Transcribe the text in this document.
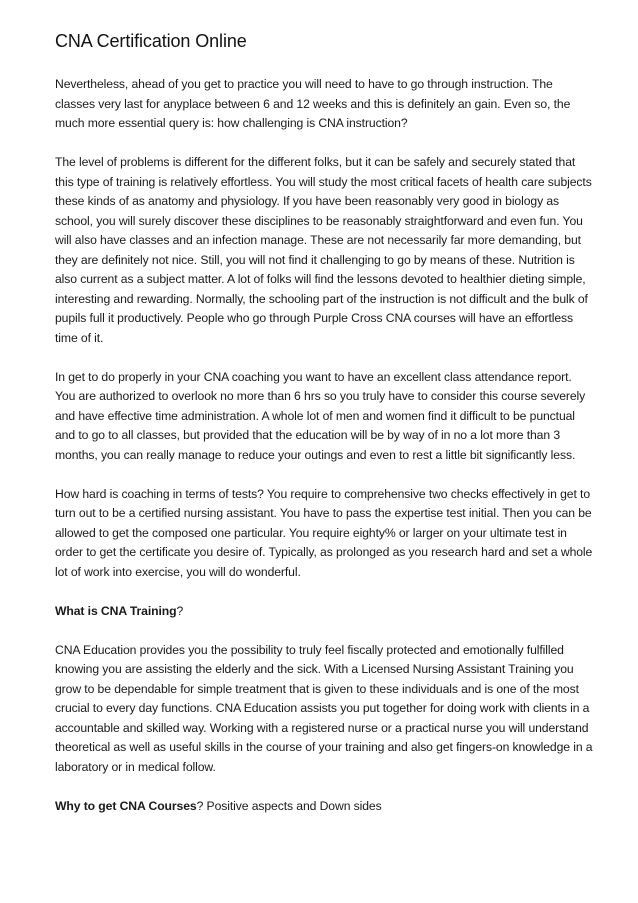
CNA Certification Online

Nevertheless, ahead of you get to practice you will need to have to go through instruction. The classes very last for anyplace between 6 and 12 weeks and this is definitely an gain. Even so, the much more essential query is: how challenging is CNA instruction?

The level of problems is different for the different folks, but it can be safely and securely stated that this type of training is relatively effortless. You will study the most critical facets of health care subjects these kinds of as anatomy and physiology. If you have been reasonably very good in biology as school, you will surely discover these disciplines to be reasonably straightforward and even fun. You will also have classes and an infection manage. These are not necessarily far more demanding, but they are definitely not nice. Still, you will not find it challenging to go by means of these. Nutrition is also current as a subject matter. A lot of folks will find the lessons devoted to healthier dieting simple, interesting and rewarding. Normally, the schooling part of the instruction is not difficult and the bulk of pupils full it productively. People who go through Purple Cross CNA courses will have an effortless time of it.

In get to do properly in your CNA coaching you want to have an excellent class attendance report. You are authorized to overlook no more than 6 hrs so you truly have to consider this course severely and have effective time administration. A whole lot of men and women find it difficult to be punctual and to go to all classes, but provided that the education will be by way of in no a lot more than 3 months, you can really manage to reduce your outings and even to rest a little bit significantly less.

How hard is coaching in terms of tests? You require to comprehensive two checks effectively in get to turn out to be a certified nursing assistant. You have to pass the expertise test initial. Then you can be allowed to get the composed one particular. You require eighty% or larger on your ultimate test in order to get the certificate you desire of. Typically, as prolonged as you research hard and set a whole lot of work into exercise, you will do wonderful.

What is CNA Training?

CNA Education provides you the possibility to truly feel fiscally protected and emotionally fulfilled knowing you are assisting the elderly and the sick. With a Licensed Nursing Assistant Training you grow to be dependable for simple treatment that is given to these individuals and is one of the most crucial to every day functions. CNA Education assists you put together for doing work with clients in a accountable and skilled way. Working with a registered nurse or a practical nurse you will understand theoretical as well as useful skills in the course of your training and also get fingers-on knowledge in a laboratory or in medical follow.

Why to get CNA Courses? Positive aspects and Down sides
